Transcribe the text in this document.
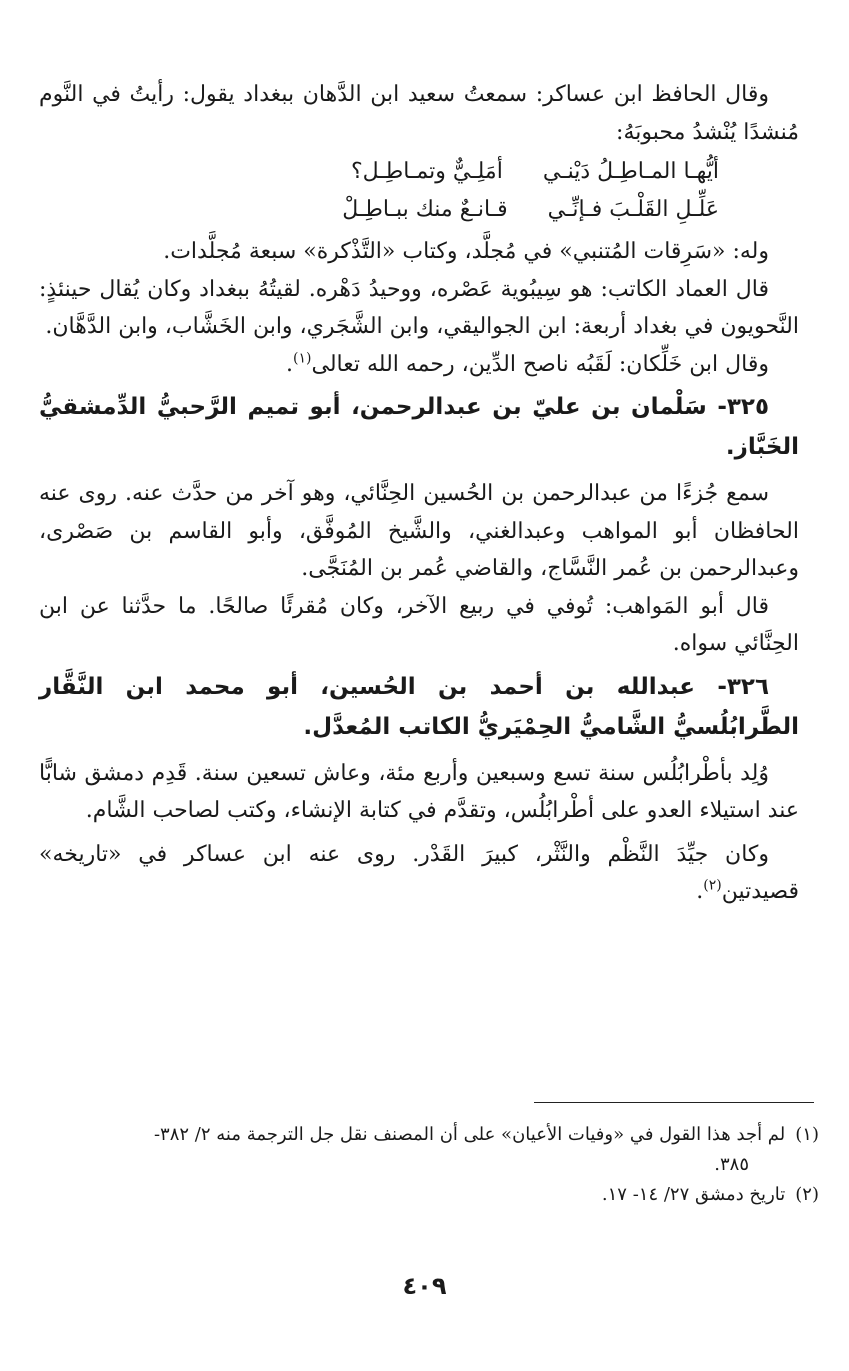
وقال الحافظ ابن عساكر: سمعتُ سعيد ابن الدَّهان ببغداد يقول: رأيتُ في النَّوم مُنشدًا يُنْشدُ محبوبَهُ:

أيُّهـا المـاطِـلُ دَيْنـي
أمَلِـيٌّ وتمـاطِـل؟
عَلِّـلِ القَلْـبَ فـإنِّـي
قـانـعٌ منك ببـاطِـلْ

وله: «سَرِقات المُتنبي» في مُجلَّد، وكتاب «التَّذْكرة» سبعة مُجلَّدات.

قال العماد الكاتب: هو سِيبُوية عَصْره، ووحيدُ دَهْره. لقيتُهُ ببغداد وكان يُقال حينئذٍ: النَّحويون في بغداد أربعة: ابن الجواليقي، وابن الشَّجَري، وابن الخَشَّاب، وابن الدَّهَّان.

وقال ابن خَلِّكان: لَقَبُه ناصح الدِّين، رحمه الله تعالى$^{(١)}$.

٣٢٥- سَلْمان بن عليّ بن عبدالرحمن، أبو تميم الرَّحبيُّ الدِّمشقيُّ الخَبَّاز.

سمع جُزءًا من عبدالرحمن بن الحُسين الحِنَّائي، وهو آخر من حدَّث عنه. روى عنه الحافظان أبو المواهب وعبدالغني، والشَّيخ المُوفَّق، وأبو القاسم بن صَصْرى، وعبدالرحمن بن عُمر النَّسَّاج، والقاضي عُمر بن المُنَجَّى.

قال أبو المَواهب: تُوفي في ربيع الآخر، وكان مُقرئًا صالحًا. ما حدَّثنا عن ابن الحِنَّائي سواه.

٣٢٦- عبدالله بن أحمد بن الحُسين، أبو محمد ابن النَّقَّار الطَّرابُلُسيُّ الشَّاميُّ الحِمْيَريُّ الكاتب المُعدَّل.

وُلِد بأطْرابُلُس سنة تسع وسبعين وأربع مئة، وعاش تسعين سنة. قَدِم دمشق شابًّا عند استيلاء العدو على أطْرابُلُس، وتقدَّم في كتابة الإنشاء، وكتب لصاحب الشَّام.

وكان جيِّدَ النَّظْم والنَّثْر، كبيرَ القَدْر. روى عنه ابن عساكر في «تاريخه» قصيدتين$^{(٢)}$.

(١)لم أجد هذا القول في «وفيات الأعيان» على أن المصنف نقل جل الترجمة منه ٢/ ٣٨٢-

٣٨٥.

(٢)تاريخ دمشق ٢٧/ ١٤- ١٧.

٤٠٩
